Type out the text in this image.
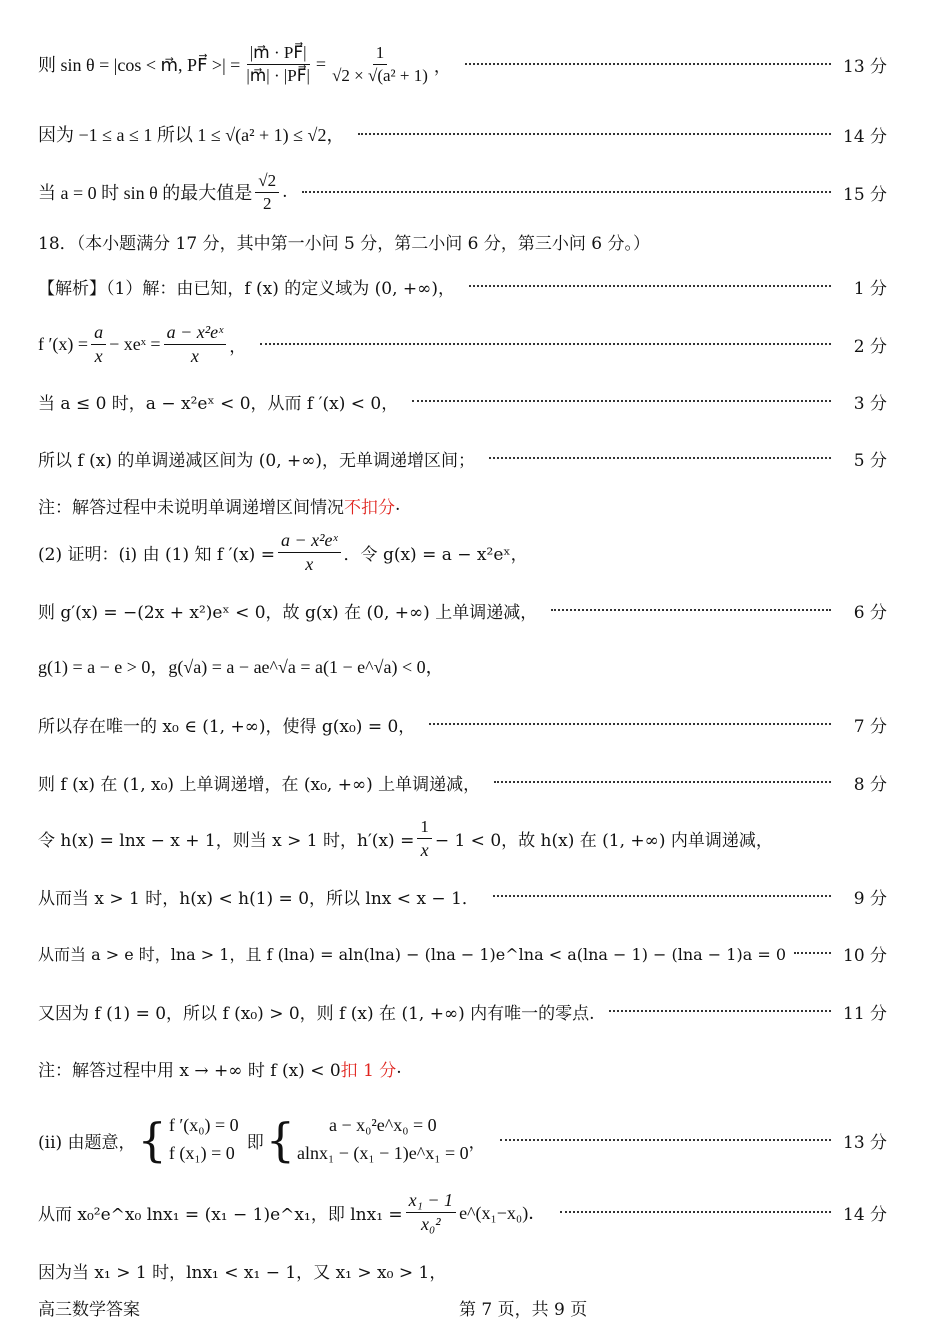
则 sin θ = |cos < m⃗, PF⃗ >| = $\frac{|m⃗ \cdot PF⃗|}{|m⃗| \cdot |PF⃗|} = \frac{1}{\text{√2 × √(a² + 1)}}$ ，	13 分
因为 −1 ≤ a ≤ 1 所以 1 ≤ √(a² + 1) ≤ √2，	14 分
当 a = 0 时 sin θ 的最大值是 $\frac{√2}{2}$ .	15 分
18．（本小题满分 17 分，其中第一小问 5 分，第二小问 6 分，第三小问 6 分。）
【解析】（1）解：由已知，f (x) 的定义域为 (0, +∞)，	1 分
f $'(x) = \frac{a}{x}$ − xeˣ = $\frac{\text{a − x²eˣ}}{x}$ ，	2 分
当 a ≤ 0 时，a − x²eˣ < 0，从而 f ′(x) < 0，	3 分
所以 f (x) 的单调递减区间为 (0, +∞)，无单调递增区间；	5 分
注：解答过程中未说明单调递增区间情况 不扣分 .
(2) 证明：(i) 由 (1) 知 f $'(x) = \frac{\text{a − x²eˣ}}{x}$ ．令 g(x) = a − x²eˣ，
则 g′(x) = −(2x + x²)eˣ < 0，故 g(x) 在 (0, +∞) 上单调递减，	6 分
g(1) = a − e > 0，g(√a) = a − ae^√a = a(1 − e^√a) < 0，
所以存在唯一的 x₀ ∈ (1, +∞)，使得 g(x₀) = 0，	7 分
则 f (x) 在 (1, x₀) 上单调递增，在 (x₀, +∞) 上单调递减，	8 分
令 h(x) = lnx − x + 1，则当 x > 1 时，$h'(x) = \frac{1}{x} - 1 < 0$，故 h(x) 在 (1, +∞) 内单调递减，
从而当 x > 1 时，h(x) < h(1) = 0，所以 lnx < x − 1．	9 分
从而当 a > e 时，lna > 1，且 f (lna) = aln(lna) − (lna − 1)e^lna < a(lna − 1) − (lna − 1)a = 0	10 分
又因为 f (1) = 0，所以 f (x₀) > 0，则 f (x) 在 (1, +∞) 内有唯一的零点.	11 分
注：解答过程中用 x → +∞ 时 f (x) < 0 扣 1 分 .
(ii) 由题意， { f ′(x₀) = 0
f (x₁) = 0
即 {	a − x₀²e^x₀ = 0
alnx₁ − (x₁ − 1)e^x₁ = 0
，	13 分
从而 x₀²e^x₀ lnx₁ = (x₁ − 1)e^x₁，即 $\ln x_1 = \frac{\text{x₁ − 1}}{\text{x₀²}}$ e^(x₁−x₀)．	14 分
因为当 x₁ > 1 时，lnx₁ < x₁ − 1，又 x₁ > x₀ > 1，
高三数学答案	第 7 页，共 9 页
